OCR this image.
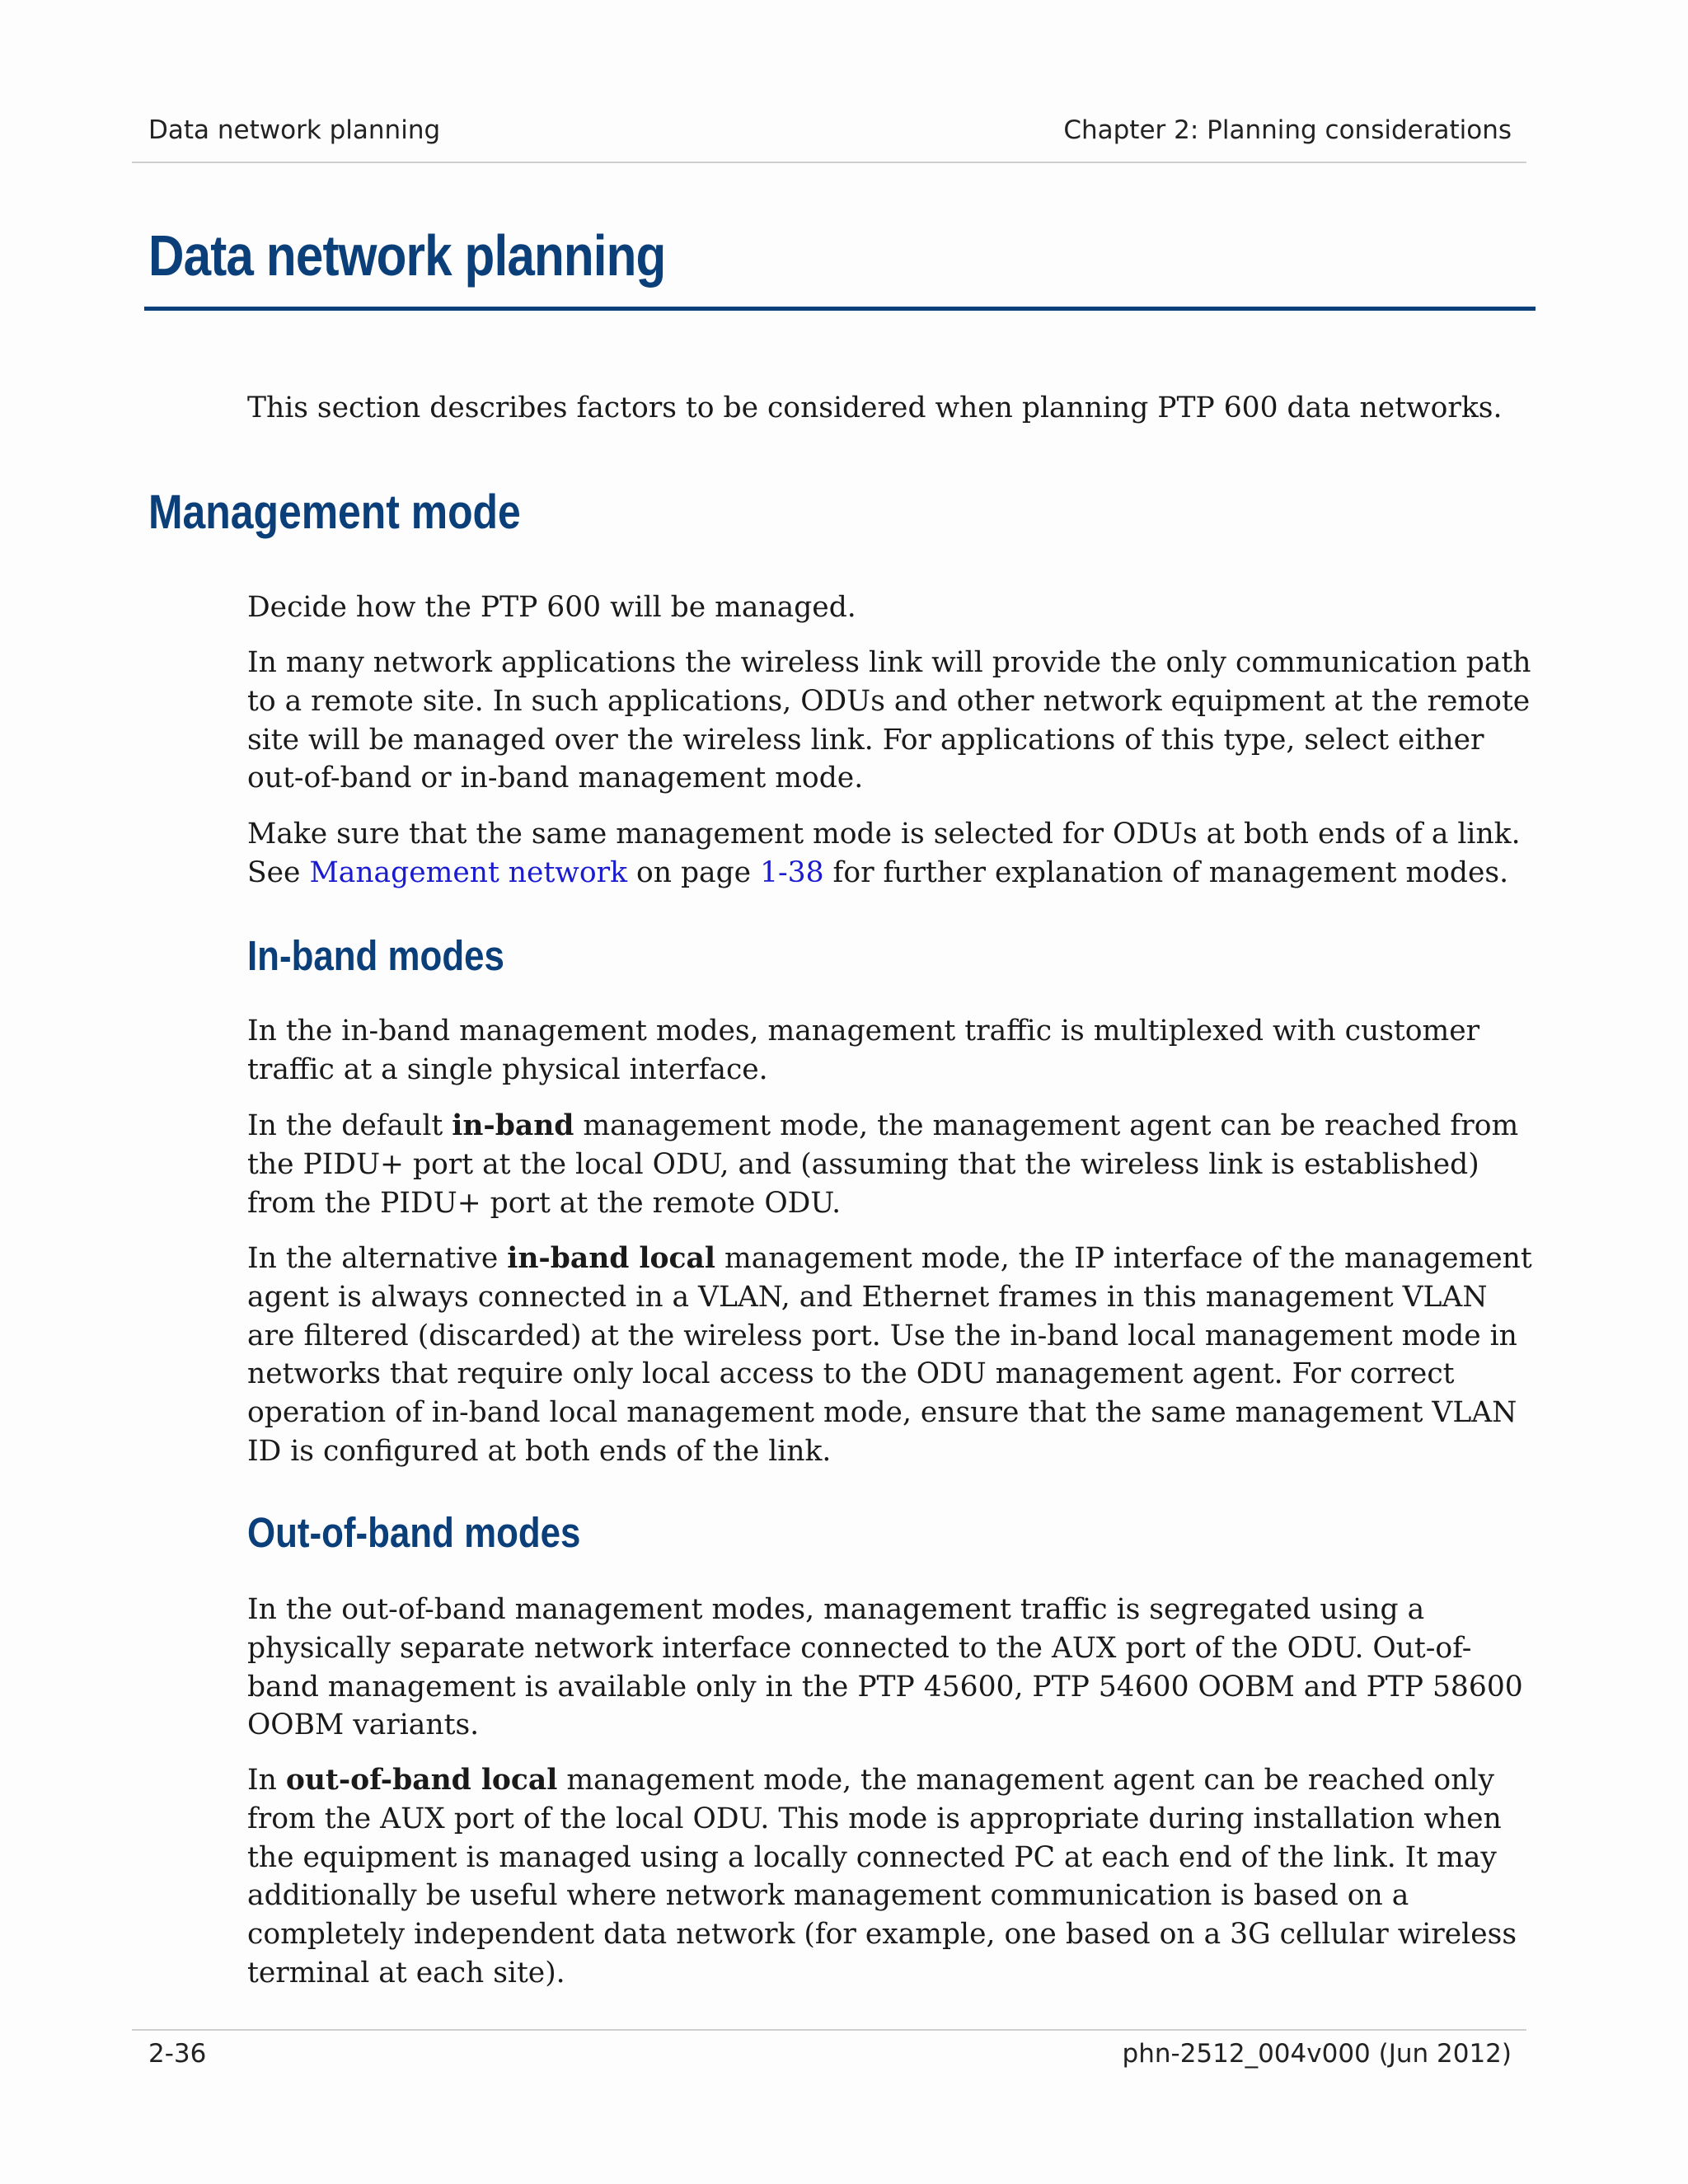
Data network planning	Chapter 2: Planning considerations
Data network planning

This section describes factors to be considered when planning PTP 600 data networks.

Management mode

Decide how the PTP 600 will be managed.

In many network applications the wireless link will provide the only communication path to a remote site. In such applications, ODUs and other network equipment at the remote site will be managed over the wireless link. For applications of this type, select either out-of-band or in-band management mode.

Make sure that the same management mode is selected for ODUs at both ends of a link. See Management network on page 1-38 for further explanation of management modes.

In-band modes

In the in-band management modes, management traffic is multiplexed with customer traffic at a single physical interface.

In the default in-band management mode, the management agent can be reached from the PIDU+ port at the local ODU, and (assuming that the wireless link is established) from the PIDU+ port at the remote ODU.

In the alternative in-band local management mode, the IP interface of the management agent is always connected in a VLAN, and Ethernet frames in this management VLAN are filtered (discarded) at the wireless port. Use the in-band local management mode in networks that require only local access to the ODU management agent. For correct operation of in-band local management mode, ensure that the same management VLAN ID is configured at both ends of the link.

Out-of-band modes

In the out-of-band management modes, management traffic is segregated using a physically separate network interface connected to the AUX port of the ODU. Out-of-band management is available only in the PTP 45600, PTP 54600 OOBM and PTP 58600 OOBM variants.

In out-of-band local management mode, the management agent can be reached only from the AUX port of the local ODU. This mode is appropriate during installation when the equipment is managed using a locally connected PC at each end of the link. It may additionally be useful where network management communication is based on a completely independent data network (for example, one based on a 3G cellular wireless terminal at each site).

2-36	phn-2512_004v000 (Jun 2012)
